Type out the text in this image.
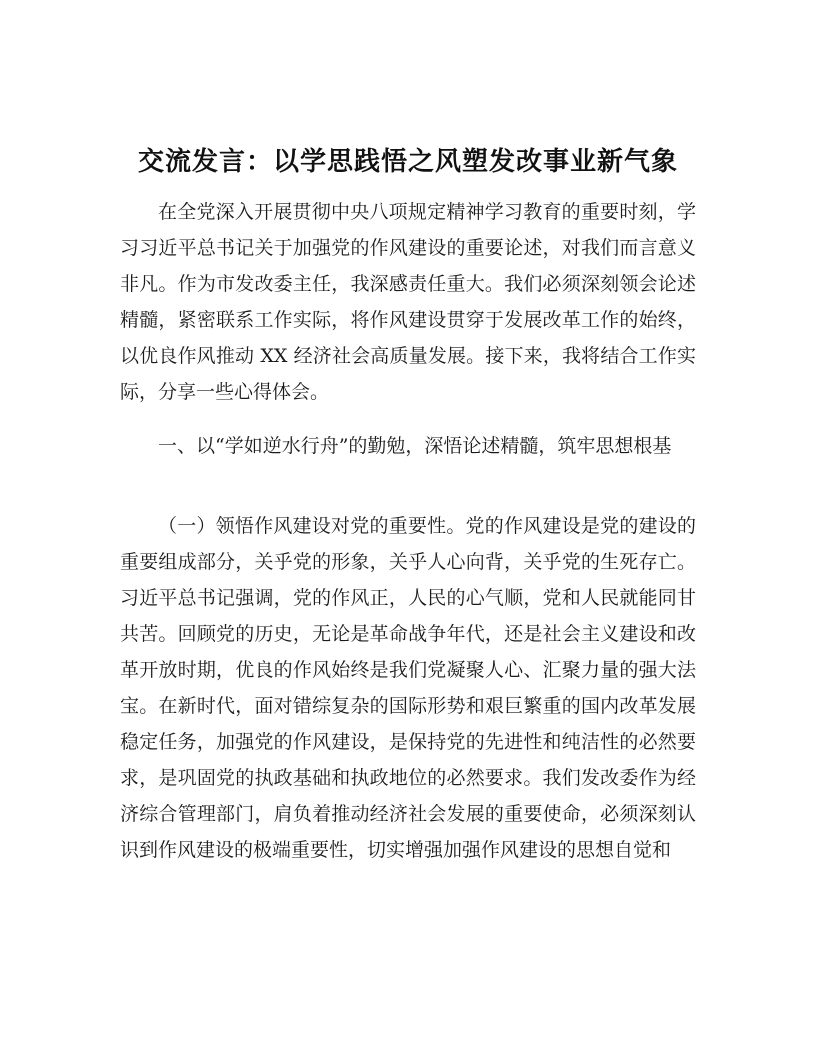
交流发言：以学思践悟之风塑发改事业新气象

在全党深入开展贯彻中央八项规定精神学习教育的重要时刻，学习习近平总书记关于加强党的作风建设的重要论述，对我们而言意义非凡。作为市发改委主任，我深感责任重大。我们必须深刻领会论述精髓，紧密联系工作实际，将作风建设贯穿于发展改革工作的始终，以优良作风推动 XX 经济社会高质量发展。接下来，我将结合工作实际，分享一些心得体会。

一、以“学如逆水行舟”的勤勉，深悟论述精髓，筑牢思想根基

（一）领悟作风建设对党的重要性。党的作风建设是党的建设的重要组成部分，关乎党的形象，关乎人心向背，关乎党的生死存亡。习近平总书记强调，党的作风正，人民的心气顺，党和人民就能同甘共苦。回顾党的历史，无论是革命战争年代，还是社会主义建设和改革开放时期，优良的作风始终是我们党凝聚人心、汇聚力量的强大法宝。在新时代，面对错综复杂的国际形势和艰巨繁重的国内改革发展稳定任务，加强党的作风建设，是保持党的先进性和纯洁性的必然要求，是巩固党的执政基础和执政地位的必然要求。我们发改委作为经济综合管理部门，肩负着推动经济社会发展的重要使命，必须深刻认识到作风建设的极端重要性，切实增强加强作风建设的思想自觉和
